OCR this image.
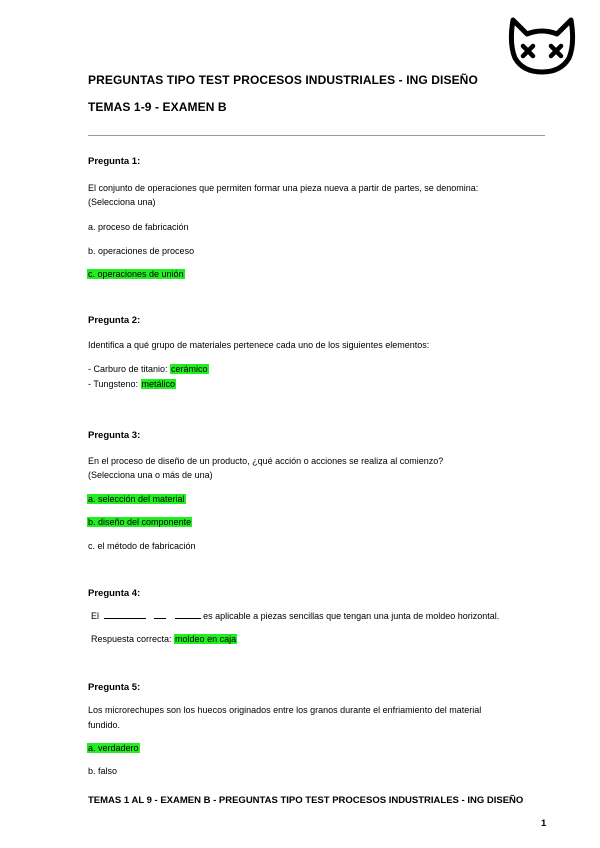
PREGUNTAS TIPO TEST PROCESOS INDUSTRIALES - ING DISEÑO
TEMAS 1-9 - EXAMEN B
Pregunta 1:
El conjunto de operaciones que permiten formar una pieza nueva a partir de partes, se denomina:
(Selecciona una)
a. proceso de fabricación
b. operaciones de proceso
c. operaciones de unión
Pregunta 2:
Identifica a qué grupo de materiales pertenece cada uno de los siguientes elementos:
- Carburo de titanio: cerámico
- Tungsteno: metálico
Pregunta 3:
En el proceso de diseño de un producto, ¿qué acción o acciones se realiza al comienzo?
(Selecciona una o más de una)
a. selección del material
b. diseño del componente
c. el método de fabricación
Pregunta 4:
El	es aplicable a piezas sencillas que tengan una junta de moldeo horizontal.
Respuesta correcta: moldeo en caja
Pregunta 5:
Los microrechupes son los huecos originados entre los granos durante el enfriamiento del material
fundido.
a. verdadero
b. falso
TEMAS 1 AL 9 - EXAMEN B - PREGUNTAS TIPO TEST PROCESOS INDUSTRIALES - ING DISEÑO
1
